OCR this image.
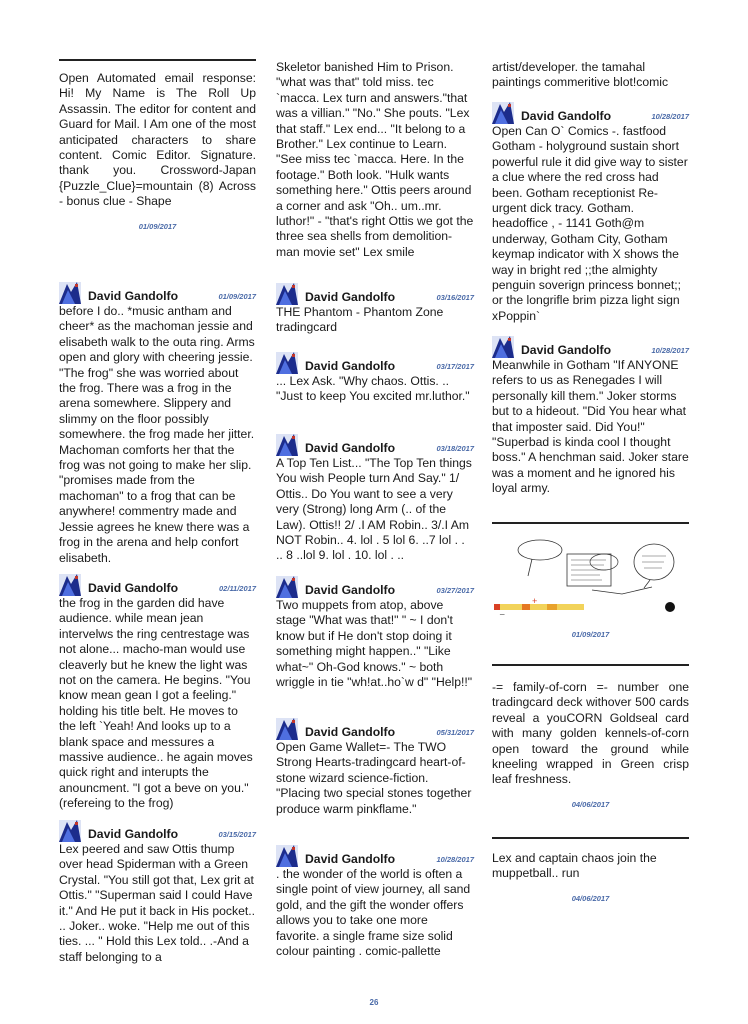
Open Automated email response: Hi! My Name is The Roll Up Assassin. The editor for content and Guard for Mail. I Am one of the most anticipated characters to share content. Comic Editor. Signature. thank you. Crossword-Japan {Puzzle_Clue}=mountain (8) Across - bonus clue - Shape

01/09/2017
David Gandolfo	01/09/2017

before I do.. *music antham and cheer* as the machoman jessie and elisabeth walk to the outa ring. Arms open and glory with cheering jessie. "The frog" she was worried about the frog. There was a frog in the arena somewhere. Slippery and slimmy on the floor possibly somewhere. the frog made her jitter. Machoman comforts her that the frog was not going to make her slip. "promises made from the machoman" to a frog that can be anywhere! commentry made and Jessie agrees he knew there was a frog in the arena and help confort elisabeth.

David Gandolfo	02/11/2017

the frog in the garden did have audience. while mean jean intervelws the ring centrestage was not alone... macho-man would use cleaverly but he knew the light was not on the camera. He begins. "You know mean gean I got a feeling." holding his title belt. He moves to the left `Yeah! And looks up to a blank space and messures a massive audience.. he again moves quick right and interupts the anouncment. "I got a beve on you." (refereing to the frog)

David Gandolfo	03/15/2017

Lex peered and saw Ottis thump over head Spiderman with a Green Crystal. "You still got that, Lex grit at Ottis." "Superman said I could Have it." And He put it back in His pocket.. .. Joker.. woke. "Help me out of this ties. ... " Hold this Lex told.. .-And a staff belonging to a

Skeletor banished Him to Prison. "what was that" told miss. tec `macca. Lex turn and answers."that was a villian." "No." She pouts. "Lex that staff." Lex end... "It belong to a Brother." Lex continue to Learn. "See miss tec `macca. Here. In the footage." Both look. "Hulk wants something here." Ottis peers around a corner and ask "Oh.. um..mr. luthor!" - "that's right Ottis we got the three sea shells from demolition-man movie set" Lex smile

David Gandolfo	03/16/2017

THE Phantom - Phantom Zone tradingcard

David Gandolfo	03/17/2017

... Lex Ask. "Why chaos. Ottis. .. "Just to keep You excited mr.luthor."

David Gandolfo	03/18/2017

A Top Ten List... "The Top Ten things You wish People turn And Say." 1/ Ottis.. Do You want to see a very very (Strong) long Arm (.. of the Law). Ottis!! 2/ .I AM Robin.. 3/.I Am NOT Robin.. 4. lol . 5 lol 6. ..7 lol . . .. 8 ..lol 9. lol . 10. lol . ..

David Gandolfo	03/27/2017

Two muppets from atop, above stage "What was that!" " ~ I don't know but if He don't stop doing it something might happen.." "Like what~" Oh-God knows." ~ both wriggle in tie "wh!at..ho`w d" "Help!!"

David Gandolfo	05/31/2017

Open Game Wallet=- The TWO Strong Hearts-tradingcard heart-of-stone wizard science-fiction. "Placing two special stones together produce warm pinkflame."

David Gandolfo	10/28/2017

. the wonder of the world is often a single point of view journey, all sand gold, and the gift the wonder offers allows you to take one more favorite. a single frame size solid colour painting . comic-pallette

artist/developer. the tamahal paintings commeritive blot!comic

David Gandolfo	10/28/2017

Open Can O` Comics -. fastfood Gotham - holyground sustain short powerful rule it did give way to sister a clue where the red cross had been. Gotham receptionist Re-urgent dick tracy. Gotham. headoffice , - 1141 Goth@m underway, Gotham City, Gotham keymap indicator with X shows the way in bright red ;;the almighty penguin soverign princess bonnet;; or the longrifle brim pizza light sign xPoppin`

David Gandolfo	10/28/2017

Meanwhile in Gotham "If ANYONE refers to us as Renegades I will personally kill them." Joker storms but to a hideout. "Did You hear what that imposter said. Did You!" "Superbad is kinda cool I thought boss." A henchman said. Joker stare was a moment and he ignored his loyal army.

_
+
01/09/2017

-= family-of-corn =- number one tradingcard deck withover 500 cards reveal a youCORN Goldseal card with many golden kennels-of-corn open toward the ground while kneeling wrapped in Green crisp leaf freshness.

04/06/2017

Lex and captain chaos join the muppetball.. run

04/06/2017
26
